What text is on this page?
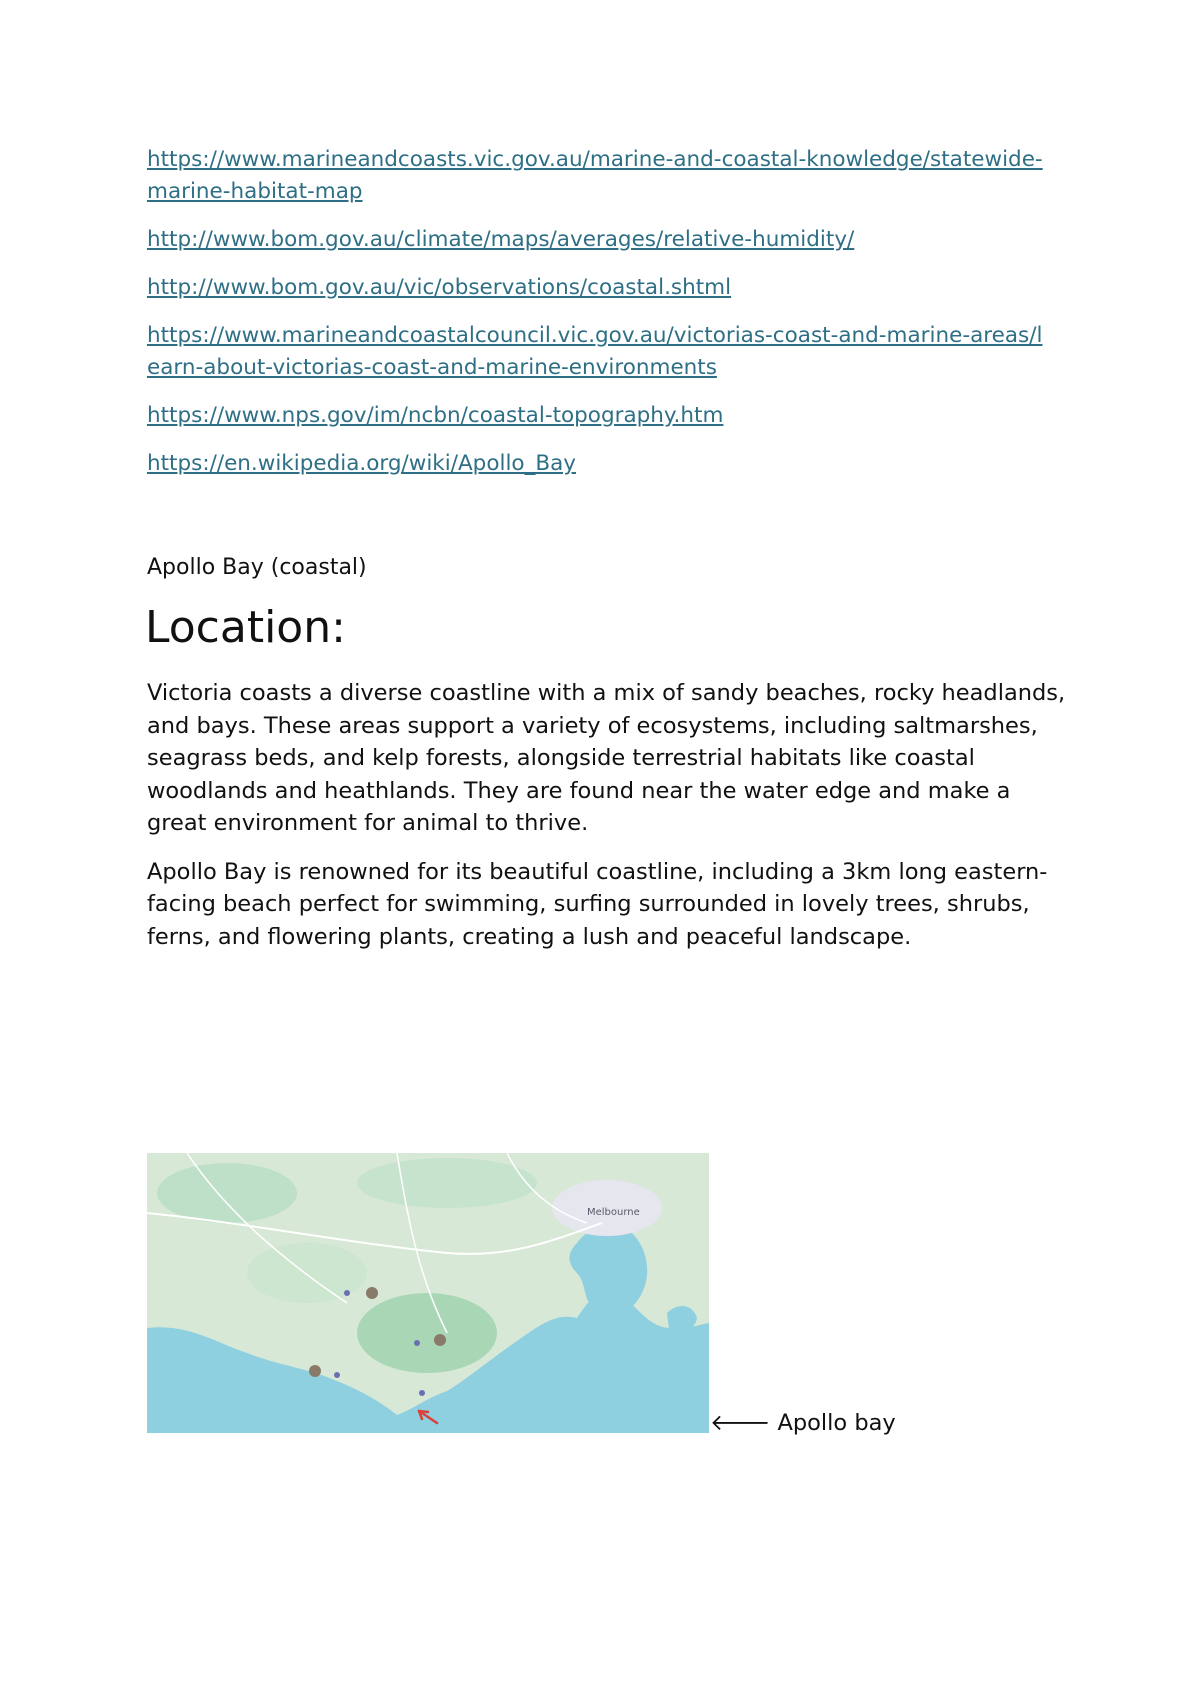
https://www.marineandcoasts.vic.gov.au/marine-and-coastal-knowledge/statewide-marine-habitat-map
http://www.bom.gov.au/climate/maps/averages/relative-humidity/
http://www.bom.gov.au/vic/observations/coastal.shtml
https://www.marineandcoastalcouncil.vic.gov.au/victorias-coast-and-marine-areas/learn-about-victorias-coast-and-marine-environments
https://www.nps.gov/im/ncbn/coastal-topography.htm
https://en.wikipedia.org/wiki/Apollo_Bay
Apollo Bay (coastal)
Location:

Victoria coasts a diverse coastline with a mix of sandy beaches, rocky headlands, and bays. These areas support a variety of ecosystems, including saltmarshes, seagrass beds, and kelp forests, alongside terrestrial habitats like coastal woodlands and heathlands. They are found near the water edge and make a great environment for animal to thrive.

Apollo Bay is renowned for its beautiful coastline, including a 3km long eastern-facing beach perfect for swimming, surfing surrounded in lovely trees, shrubs, ferns, and flowering plants, creating a lush and peaceful landscape.

Melbourne
🡐 Apollo bay
